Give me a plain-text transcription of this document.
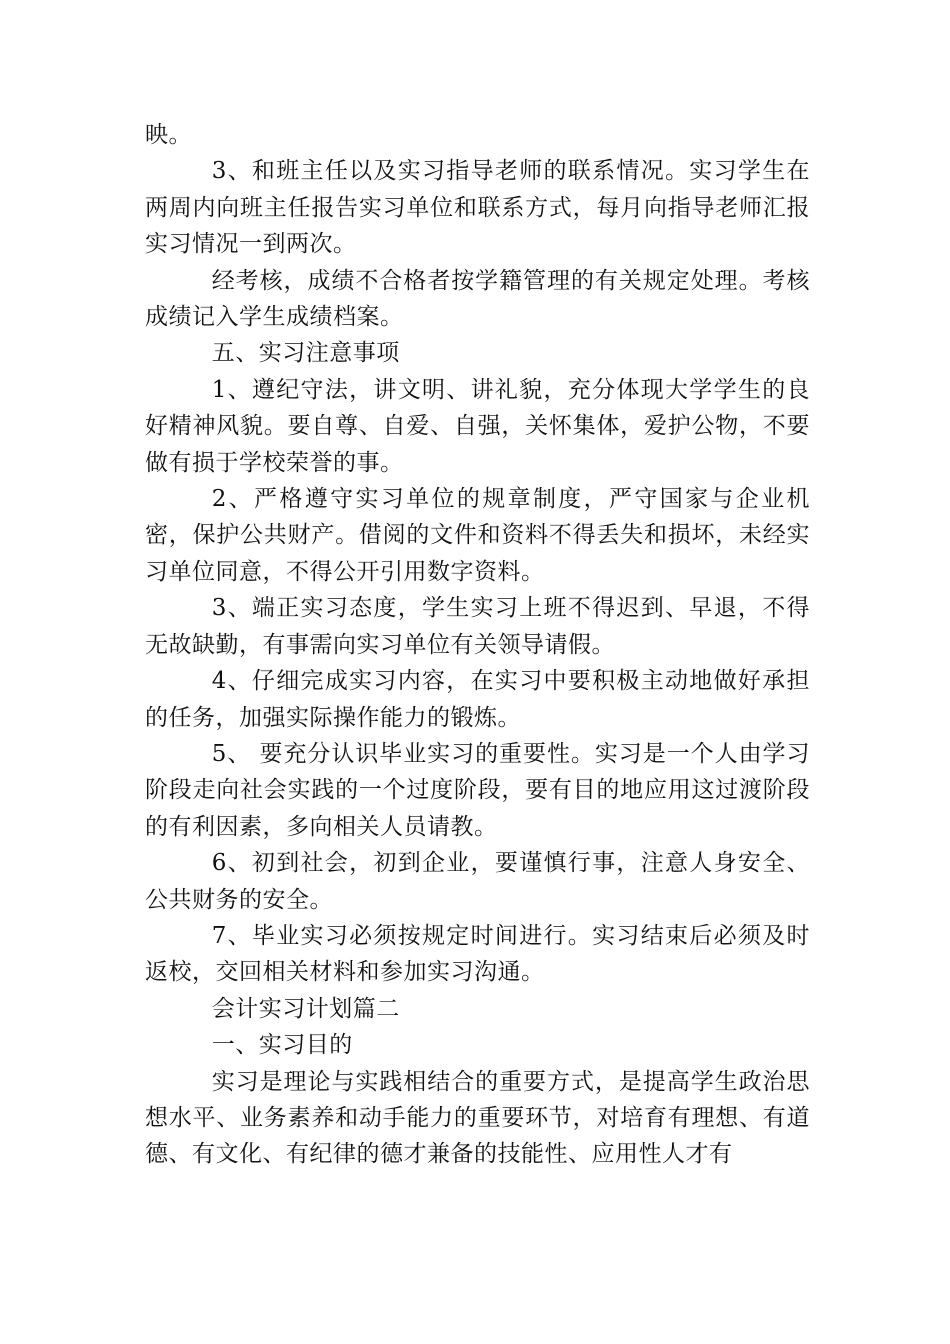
映。

3、和班主任以及实习指导老师的联系情况。实习学生在两周内向班主任报告实习单位和联系方式，每月向指导老师汇报实习情况一到两次。

经考核，成绩不合格者按学籍管理的有关规定处理。考核成绩记入学生成绩档案。

五、实习注意事项

1、遵纪守法，讲文明、讲礼貌，充分体现大学学生的良好精神风貌。要自尊、自爱、自强，关怀集体，爱护公物，不要做有损于学校荣誉的事。

2、严格遵守实习单位的规章制度，严守国家与企业机密，保护公共财产。借阅的文件和资料不得丢失和损坏，未经实习单位同意，不得公开引用数字资料。

3、端正实习态度，学生实习上班不得迟到、早退，不得无故缺勤，有事需向实习单位有关领导请假。

4、仔细完成实习内容，在实习中要积极主动地做好承担的任务，加强实际操作能力的锻炼。

5、 要充分认识毕业实习的重要性。实习是一个人由学习阶段走向社会实践的一个过度阶段，要有目的地应用这过渡阶段的有利因素，多向相关人员请教。

6、初到社会，初到企业，要谨慎行事，注意人身安全、公共财务的安全。

7、毕业实习必须按规定时间进行。实习结束后必须及时返校，交回相关材料和参加实习沟通。

会计实习计划篇二

一、实习目的

实习是理论与实践相结合的重要方式，是提高学生政治思想水平、业务素养和动手能力的重要环节，对培育有理想、有道德、有文化、有纪律的德才兼备的技能性、应用性人才有
